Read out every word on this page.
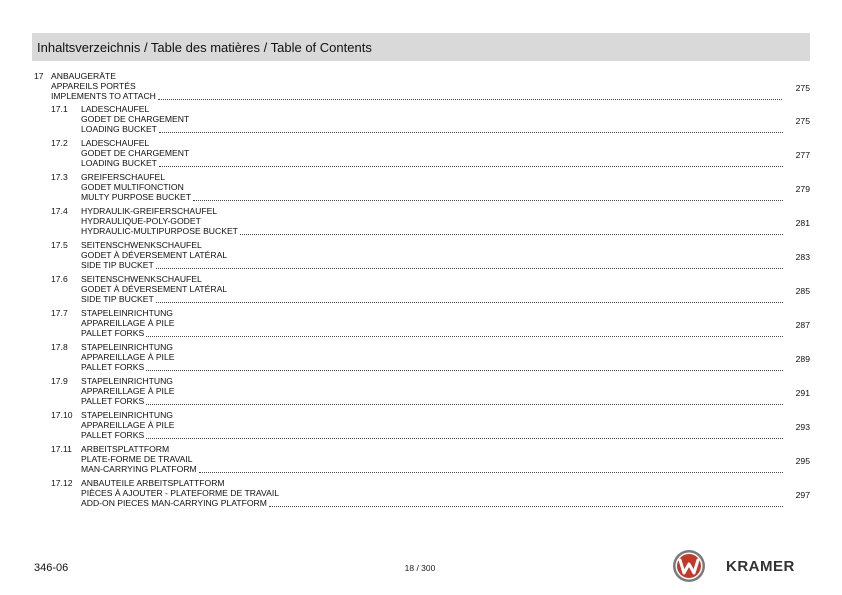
Inhaltsverzeichnis / Table des matières / Table of Contents
17 ANBAUGERÄTE
APPAREILS PORTÉS
IMPLEMENTS TO ATTACH
275
17.1 LADESCHAUFEL
GODET DE CHARGEMENT
LOADING BUCKET
275
17.2 LADESCHAUFEL
GODET DE CHARGEMENT
LOADING BUCKET
277
17.3 GREIFERSCHAUFEL
GODET MULTIFONCTION
MULTY PURPOSE BUCKET
279
17.4 HYDRAULIK-GREIFERSCHAUFEL
HYDRAULIQUE-POLY-GODET
HYDRAULIC-MULTIPURPOSE BUCKET
281
17.5 SEITENSCHWENKSCHAUFEL
GODET À DÉVERSEMENT LATÉRAL
SIDE TIP BUCKET
283
17.6 SEITENSCHWENKSCHAUFEL
GODET À DÉVERSEMENT LATÉRAL
SIDE TIP BUCKET
285
17.7 STAPELEINRICHTUNG
APPAREILLAGE À PILE
PALLET FORKS
287
17.8 STAPELEINRICHTUNG
APPAREILLAGE À PILE
PALLET FORKS
289
17.9 STAPELEINRICHTUNG
APPAREILLAGE À PILE
PALLET FORKS
291
17.10 STAPELEINRICHTUNG
APPAREILLAGE À PILE
PALLET FORKS
293
17.11 ARBEITSPLATTFORM
PLATE-FORME DE TRAVAIL
MAN-CARRYING PLATFORM
295
17.12 ANBAUTEILE ARBEITSPLATTFORM
PIÈCES À AJOUTER - PLATEFORME DE TRAVAIL
ADD-ON PIECES MAN-CARRYING PLATFORM
297
346-06	18 / 300	KRAMER
